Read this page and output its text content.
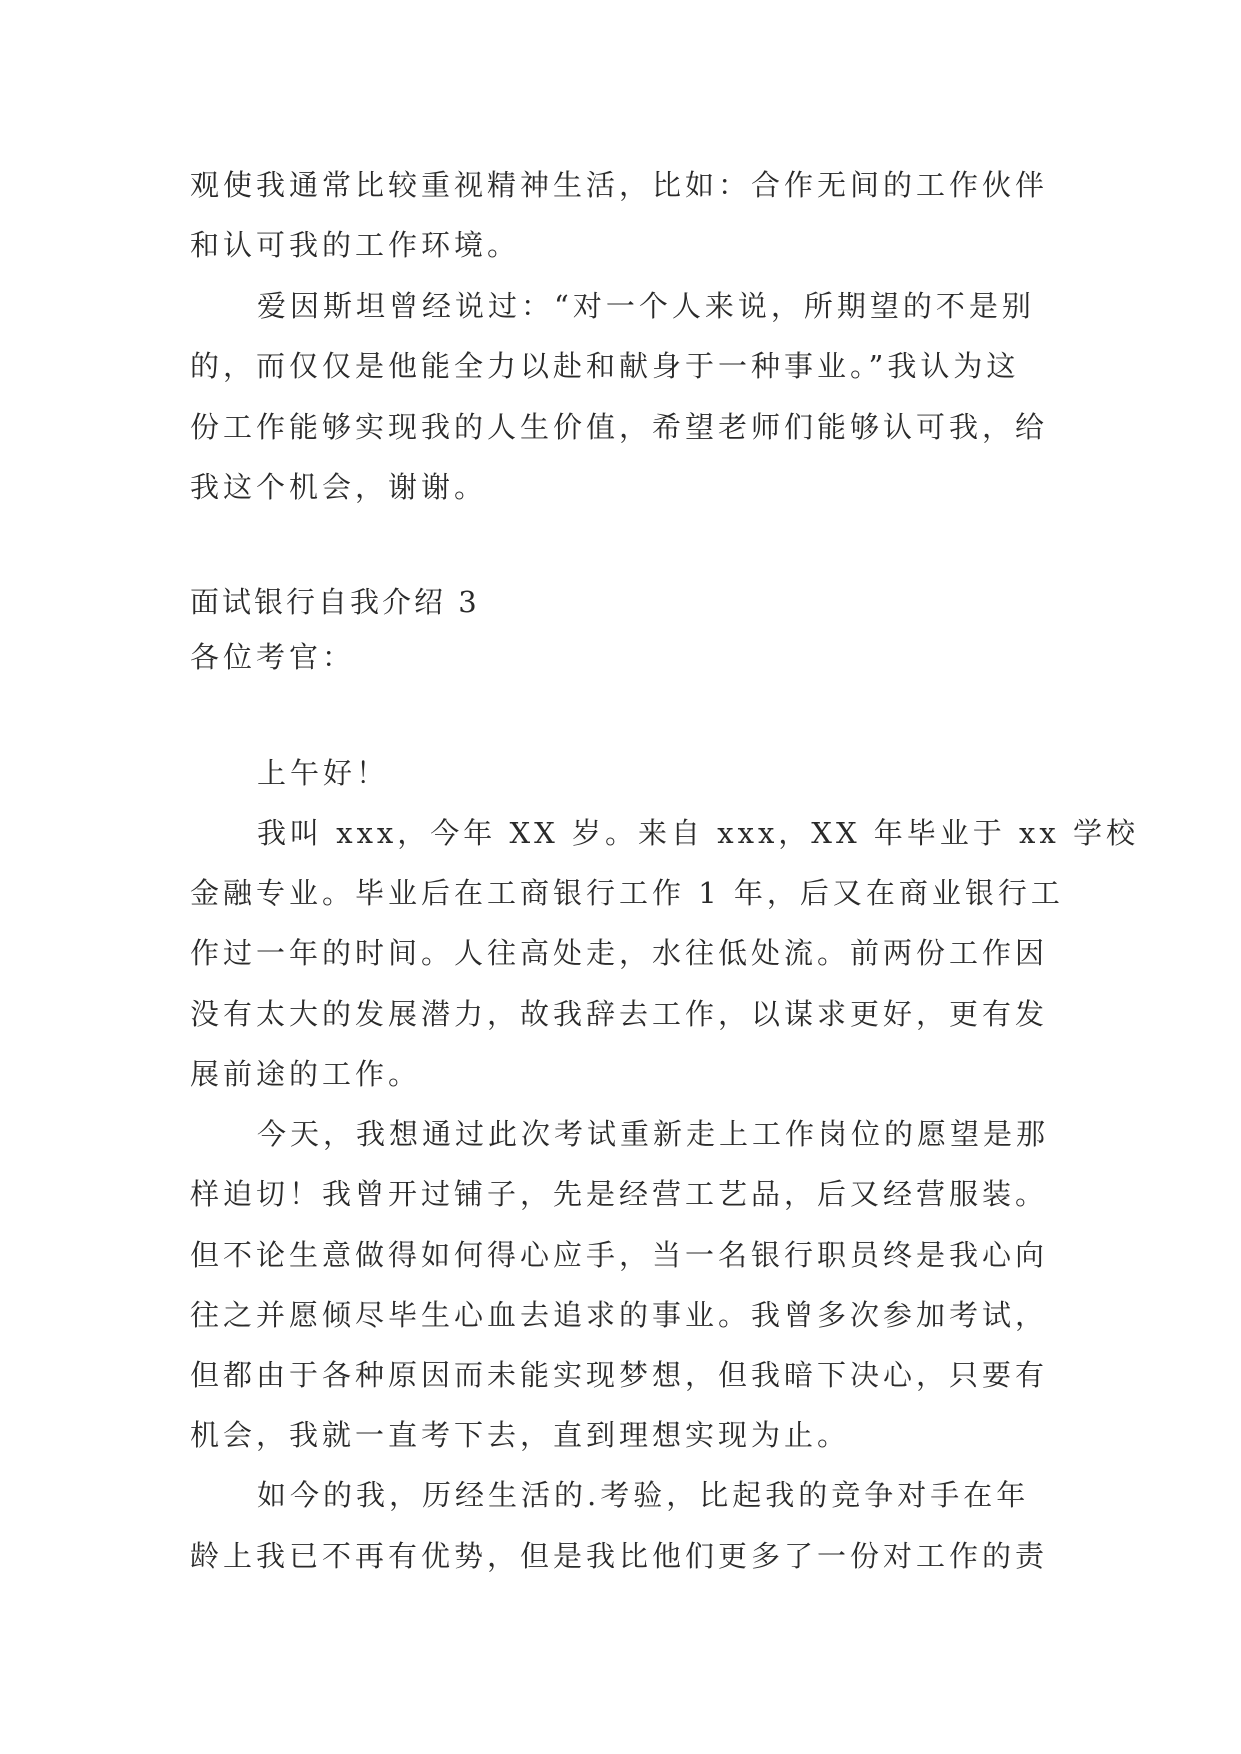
观使我通常比较重视精神生活，比如：合作无间的工作伙伴
和认可我的工作环境。
爱因斯坦曾经说过：“对一个人来说，所期望的不是别
的，而仅仅是他能全力以赴和献身于一种事业。”我认为这
份工作能够实现我的人生价值，希望老师们能够认可我，给
我这个机会，谢谢。
面试银行自我介绍 3
各位考官：
上午好！
我叫 xxx，今年 XX 岁。来自 xxx，XX 年毕业于 xx 学校
金融专业。毕业后在工商银行工作 1 年，后又在商业银行工
作过一年的时间。人往高处走，水往低处流。前两份工作因
没有太大的发展潜力，故我辞去工作，以谋求更好，更有发
展前途的工作。
今天，我想通过此次考试重新走上工作岗位的愿望是那
样迫切！我曾开过铺子，先是经营工艺品，后又经营服装。
但不论生意做得如何得心应手，当一名银行职员终是我心向
往之并愿倾尽毕生心血去追求的事业。我曾多次参加考试，
但都由于各种原因而未能实现梦想，但我暗下决心，只要有
机会，我就一直考下去，直到理想实现为止。
如今的我，历经生活的.考验，比起我的竞争对手在年
龄上我已不再有优势，但是我比他们更多了一份对工作的责
